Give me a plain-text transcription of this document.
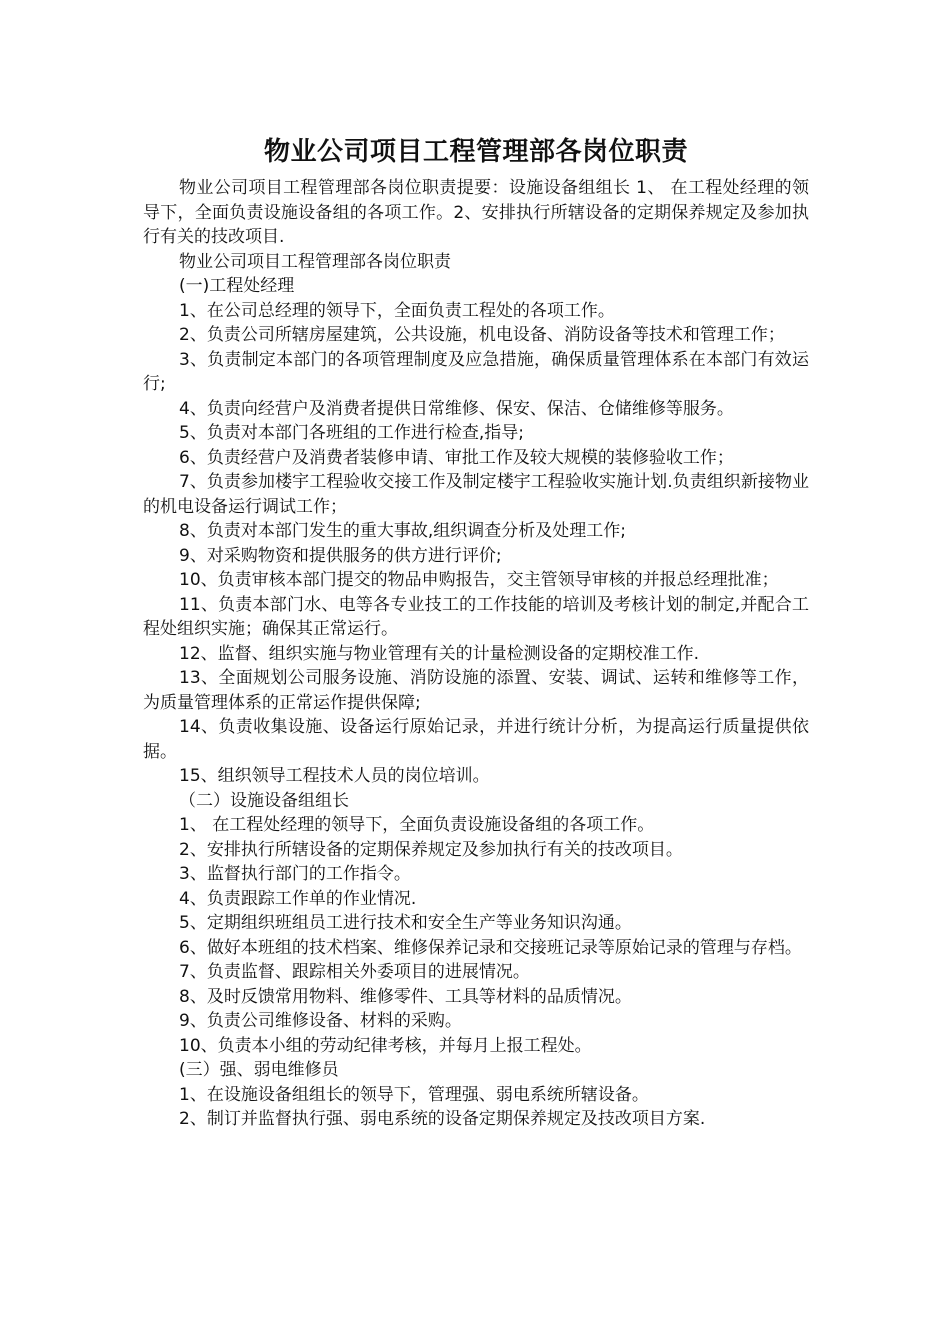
物业公司项目工程管理部各岗位职责

物业公司项目工程管理部各岗位职责提要：设施设备组组长 1、 在工程处经理的领导下，全面负责设施设备组的各项工作。2、安排执行所辖设备的定期保养规定及参加执行有关的技改项目.

物业公司项目工程管理部各岗位职责

(一)工程处经理

1、在公司总经理的领导下，全面负责工程处的各项工作。

2、负责公司所辖房屋建筑，公共设施，机电设备、消防设备等技术和管理工作；

3、负责制定本部门的各项管理制度及应急措施，确保质量管理体系在本部门有效运行;

4、负责向经营户及消费者提供日常维修、保安、保洁、仓储维修等服务。

5、负责对本部门各班组的工作进行检查,指导;

6、负责经营户及消费者装修申请、审批工作及较大规模的装修验收工作；

7、负责参加楼宇工程验收交接工作及制定楼宇工程验收实施计划.负责组织新接物业的机电设备运行调试工作；

8、负责对本部门发生的重大事故,组织调查分析及处理工作;

9、对采购物资和提供服务的供方进行评价;

10、负责审核本部门提交的物品申购报告，交主管领导审核的并报总经理批准；

11、负责本部门水、电等各专业技工的工作技能的培训及考核计划的制定,并配合工程处组织实施；确保其正常运行。

12、监督、组织实施与物业管理有关的计量检测设备的定期校准工作.

13、全面规划公司服务设施、消防设施的添置、安装、调试、运转和维修等工作，为质量管理体系的正常运作提供保障;

14、负责收集设施、设备运行原始记录，并进行统计分析，为提高运行质量提供依据。

15、组织领导工程技术人员的岗位培训。

（二）设施设备组组长

1、 在工程处经理的领导下，全面负责设施设备组的各项工作。

2、安排执行所辖设备的定期保养规定及参加执行有关的技改项目。

3、监督执行部门的工作指令。

4、负责跟踪工作单的作业情况.

5、定期组织班组员工进行技术和安全生产等业务知识沟通。

6、做好本班组的技术档案、维修保养记录和交接班记录等原始记录的管理与存档。

7、负责监督、跟踪相关外委项目的进展情况。

8、及时反馈常用物料、维修零件、工具等材料的品质情况。

9、负责公司维修设备、材料的采购。

10、负责本小组的劳动纪律考核，并每月上报工程处。

(三）强、弱电维修员

1、在设施设备组组长的领导下，管理强、弱电系统所辖设备。

2、制订并监督执行强、弱电系统的设备定期保养规定及技改项目方案.
